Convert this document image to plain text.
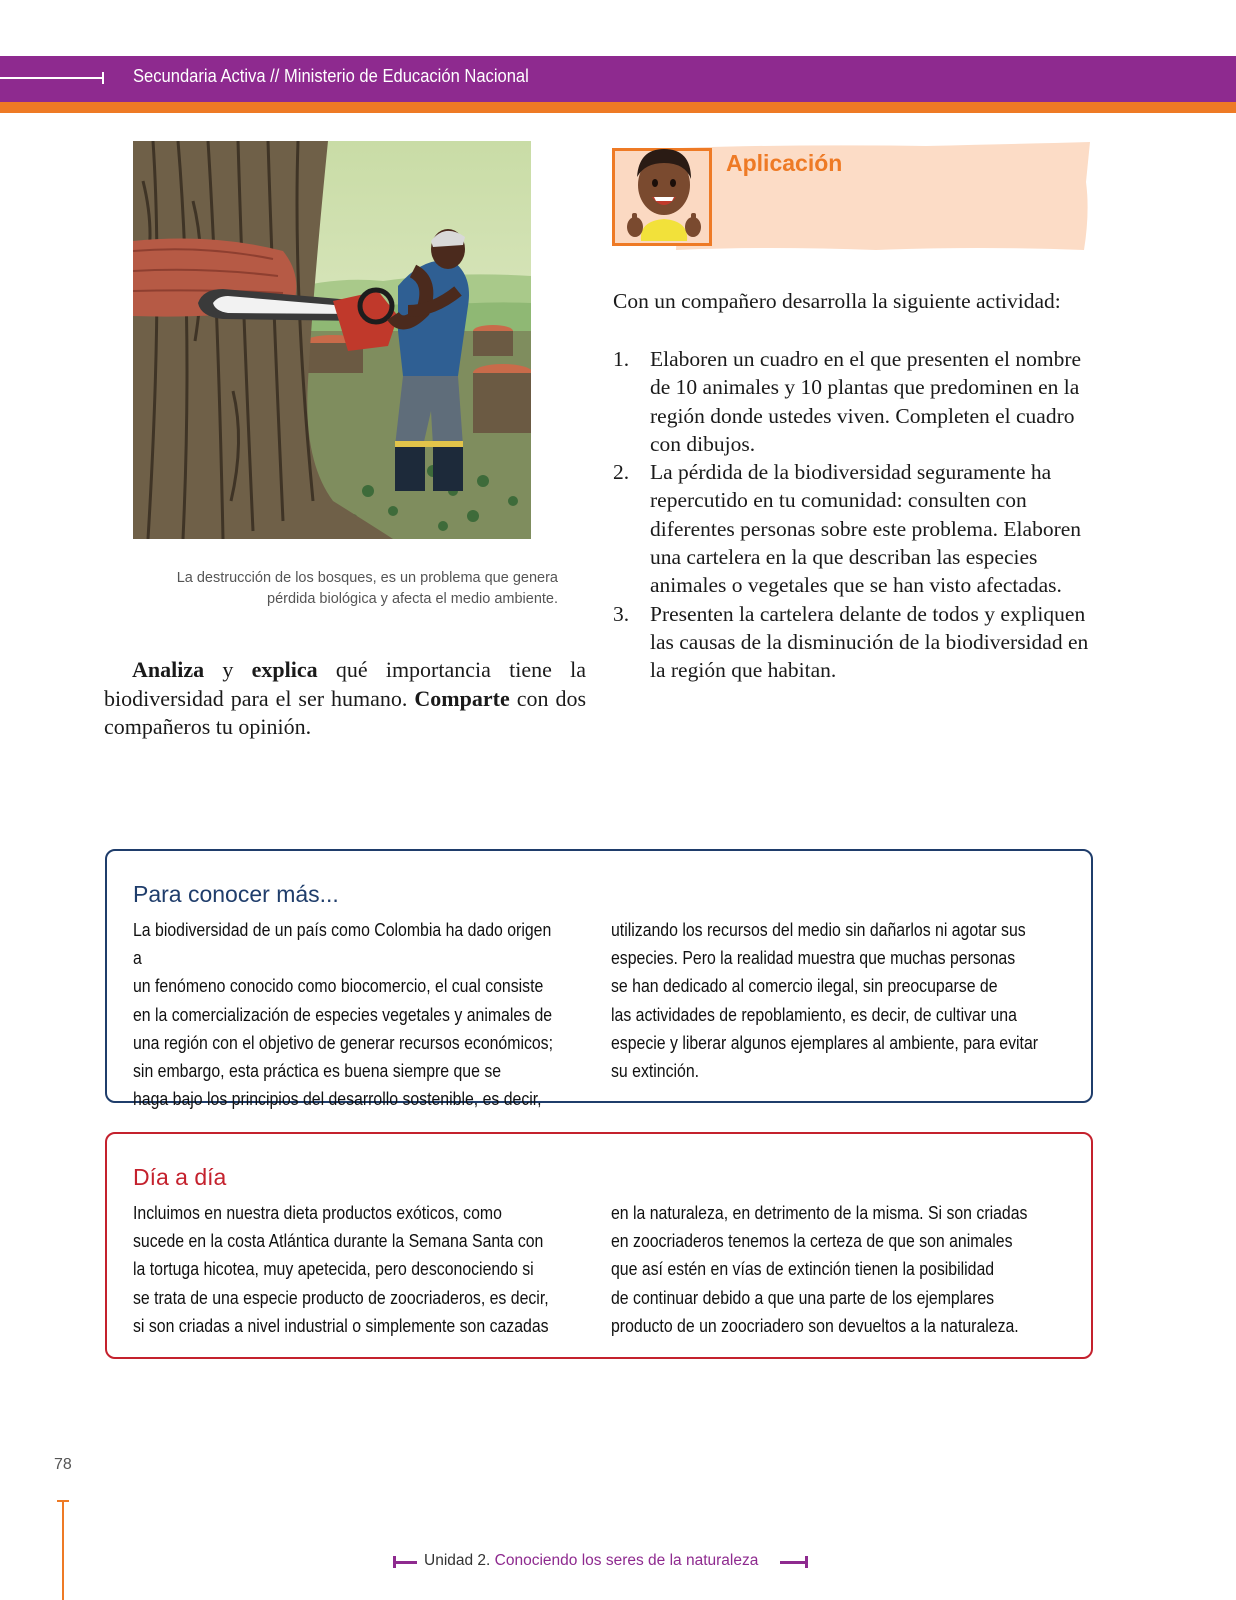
Secundaria Activa // Ministerio de Educación Nacional
La destrucción de los bosques, es un problema que genera pérdida biológica y afecta el medio ambiente.

Analiza y explica qué importancia tiene la biodiversidad para el ser humano. Comparte con dos compañeros tu opinión.

Aplicación
Con un compañero desarrolla la siguiente actividad:
1. Elaboren un cuadro en el que presenten el nombre de 10 animales y 10 plantas que predominen en la región donde ustedes viven. Completen el cuadro con dibujos.
2. La pérdida de la biodiversidad seguramente ha repercutido en tu comunidad: consulten con diferentes personas sobre este problema. Elaboren una cartelera en la que describan las especies animales o vegetales que se han visto afectadas.
3. Presenten la cartelera delante de todos y expliquen las causas de la disminución de la biodiversidad en la región que habitan.
Para conocer más...
La biodiversidad de un país como Colombia ha dado origen a
un fenómeno conocido como biocomercio, el cual consiste
en la comercialización de especies vegetales y animales de
una región con el objetivo de generar recursos económicos;
sin embargo, esta práctica es buena siempre que se
haga bajo los principios del desarrollo sostenible, es decir,
utilizando los recursos del medio sin dañarlos ni agotar sus
especies. Pero la realidad muestra que muchas personas
se han dedicado al comercio ilegal, sin preocuparse de
las actividades de repoblamiento, es decir, de cultivar una
especie y liberar algunos ejemplares al ambiente, para evitar
su extinción.
Día a día
Incluimos en nuestra dieta productos exóticos, como
sucede en la costa Atlántica durante la Semana Santa con
la tortuga hicotea, muy apetecida, pero desconociendo si
se trata de una especie producto de zoocriaderos, es decir,
si son criadas a nivel industrial o simplemente son cazadas
en la naturaleza, en detrimento de la misma. Si son criadas
en zoocriaderos tenemos la certeza de que son animales
que así estén en vías de extinción tienen la posibilidad
de continuar debido a que una parte de los ejemplares
producto de un zoocriadero son devueltos a la naturaleza.
78
Unidad 2. Conociendo los seres de la naturaleza
